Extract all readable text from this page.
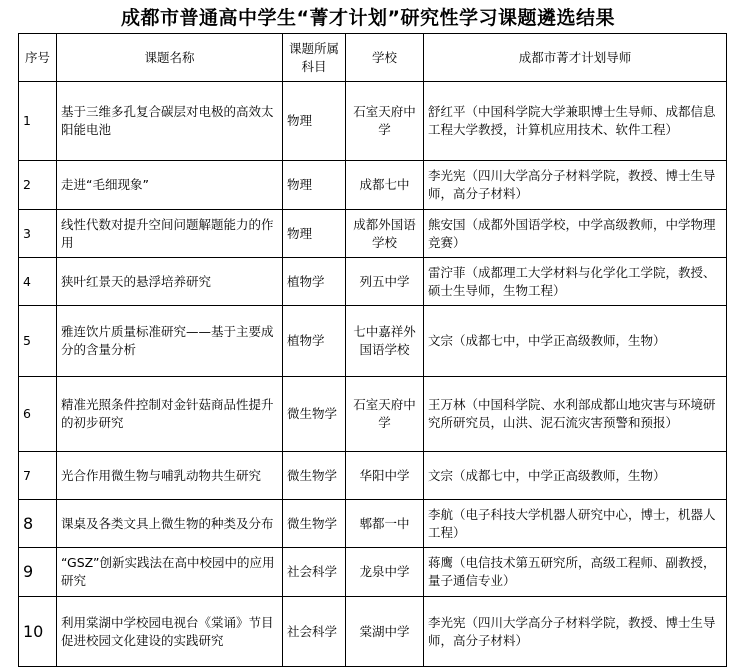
成都市普通高中学生“菁才计划”研究性学习课题遴选结果
序号	课题名称	课题所属科目	学校	成都市菁才计划导师
1	基于三维多孔复合碳层对电极的高效太阳能电池	物理	石室天府中学	舒红平（中国科学院大学兼职博士生导师、成都信息工程大学教授，计算机应用技术、软件工程）
2	走进“毛细现象”	物理	成都七中	李光宪（四川大学高分子材料学院，教授、博士生导师，高分子材料）
3	线性代数对提升空间问题解题能力的作用	物理	成都外国语学校	熊安国（成都外国语学校，中学高级教师，中学物理竞赛）
4	狭叶红景天的悬浮培养研究	植物学	列五中学	雷泞菲（成都理工大学材料与化学化工学院，教授、硕士生导师，生物工程）
5	雅连饮片质量标准研究——基于主要成分的含量分析	植物学	七中嘉祥外国语学校	文宗（成都七中，中学正高级教师，生物）
6	精准光照条件控制对金针菇商品性提升的初步研究	微生物学	石室天府中学	王万林（中国科学院、水利部成都山地灾害与环境研究所研究员，山洪、泥石流灾害预警和预报）
7	光合作用微生物与哺乳动物共生研究	微生物学	华阳中学	文宗（成都七中，中学正高级教师，生物）
8	课桌及各类文具上微生物的种类及分布	微生物学	郫都一中	李航（电子科技大学机器人研究中心，博士，机器人工程）
9	“GSZ”创新实践法在高中校园中的应用研究	社会科学	龙泉中学	蒋鹰（电信技术第五研究所，高级工程师、副教授，量子通信专业）
10	利用棠湖中学校园电视台《棠诵》节目促进校园文化建设的实践研究	社会科学	棠湖中学	李光宪（四川大学高分子材料学院，教授、博士生导师，高分子材料）
